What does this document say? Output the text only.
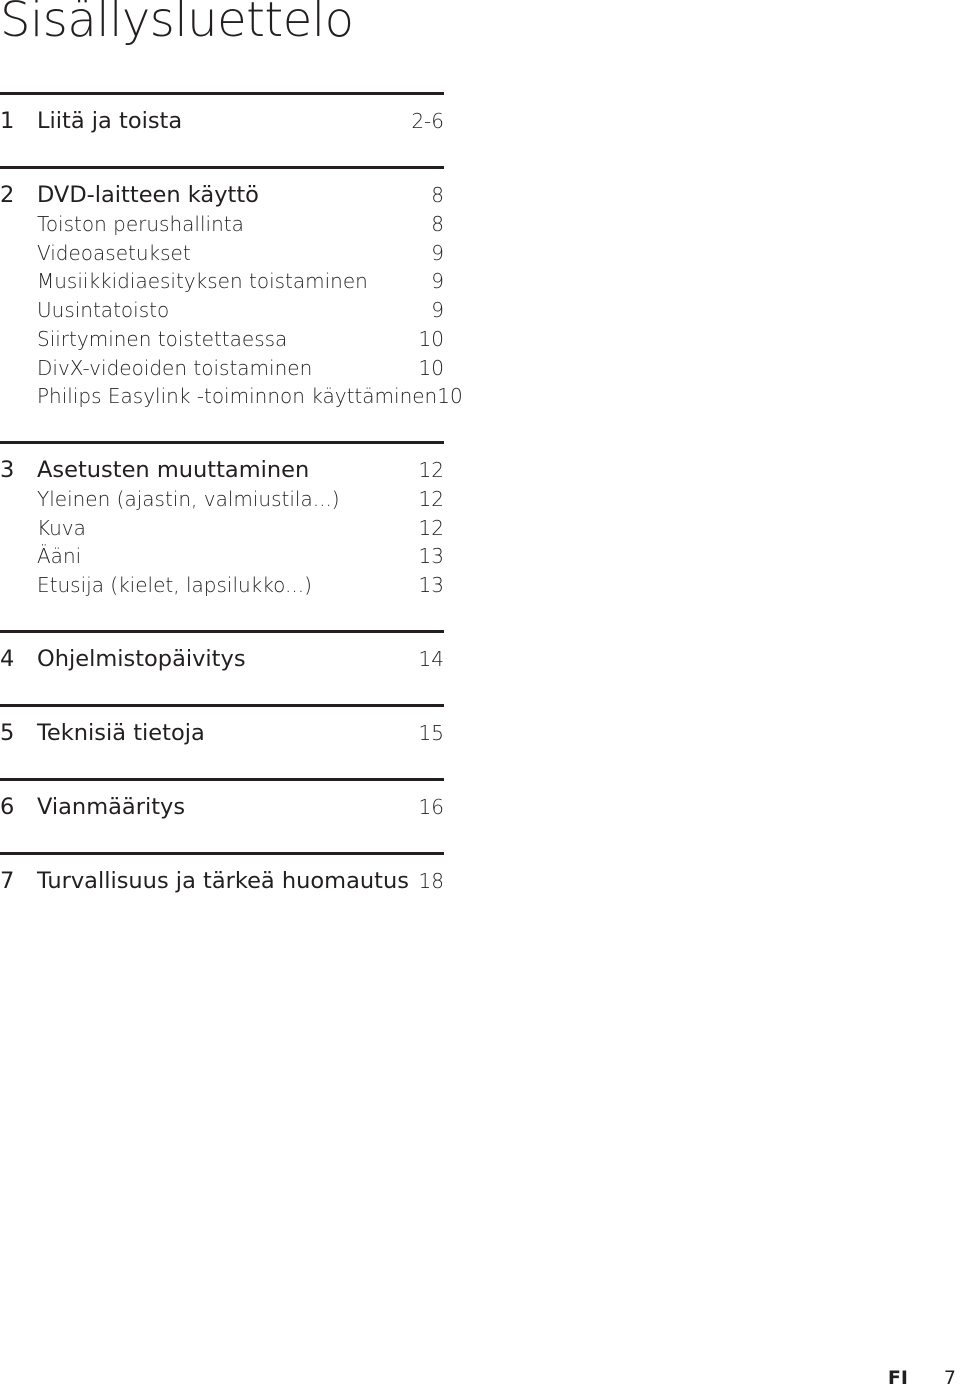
Sisällysluettelo
1	Liitä ja toista	2-6
2	DVD-laitteen käyttö	8
Toiston perushallinta	8
Videoasetukset	9
Musiikkidiaesityksen toistaminen	9
Uusintatoisto	9
Siirtyminen toistettaessa	10
DivX-videoiden toistaminen	10
Philips Easylink -toiminnon käyttäminen 10
3	Asetusten muuttaminen	12
Yleinen (ajastin, valmiustila...)	12
Kuva	12
Ääni	13
Etusija (kielet, lapsilukko...)	13
4	Ohjelmistopäivitys	14
5	Teknisiä tietoja	15
6	Vianmääritys	16
7	Turvallisuus ja tärkeä huomautus 18
FI 7
